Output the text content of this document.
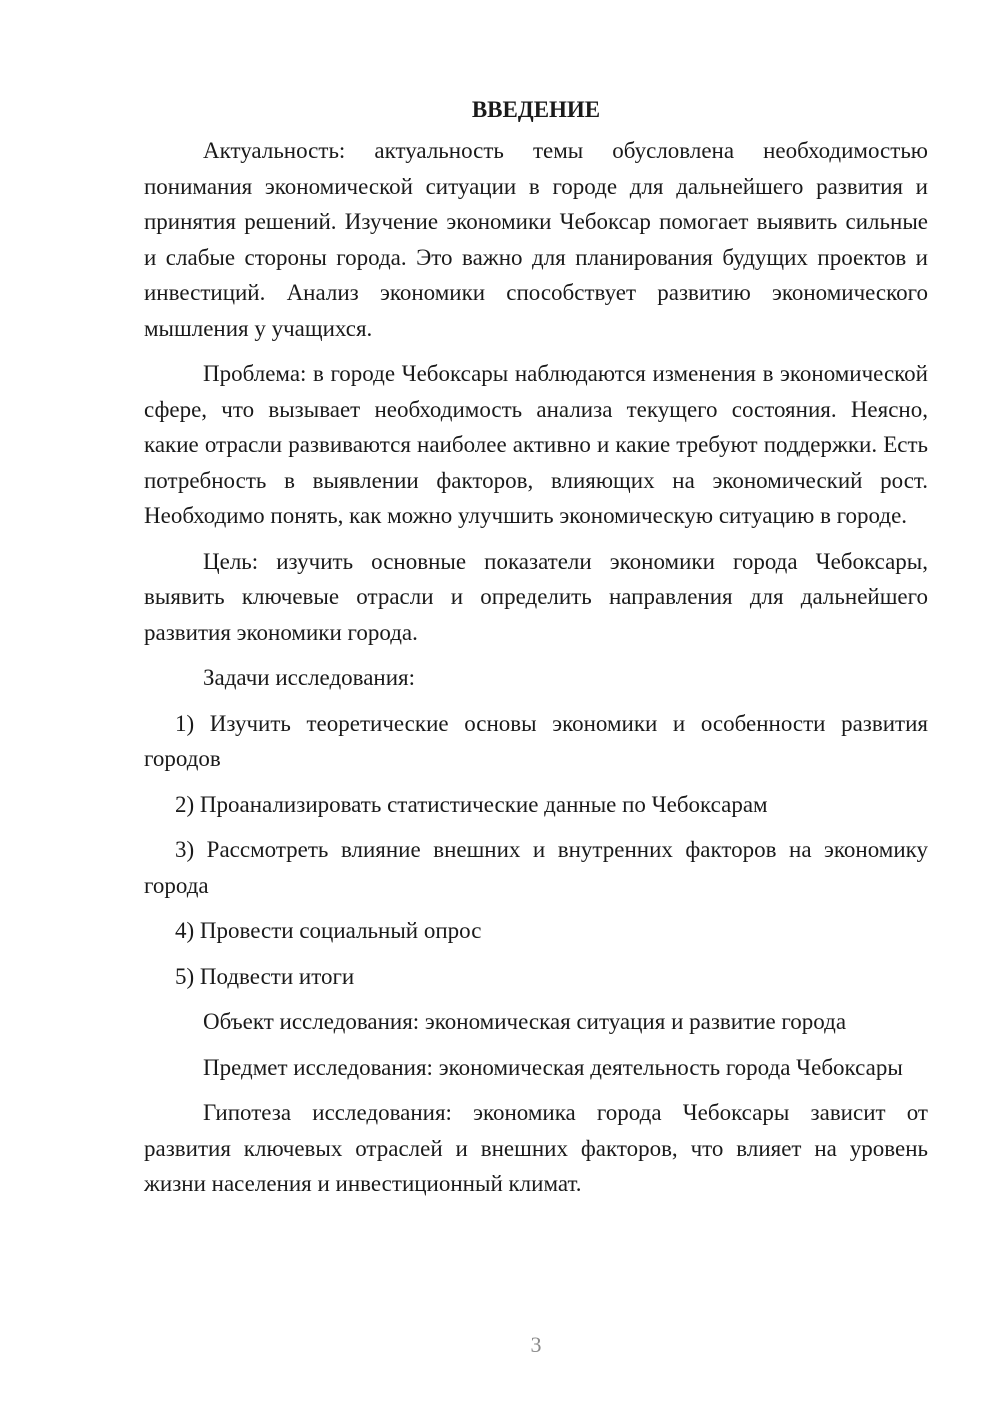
ВВЕДЕНИЕ

Актуальность: актуальность темы обусловлена необходимостью понимания экономической ситуации в городе для дальнейшего развития и принятия решений. Изучение экономики Чебоксар помогает выявить сильные и слабые стороны города. Это важно для планирования будущих проектов и инвестиций. Анализ экономики способствует развитию экономического мышления у учащихся.

Проблема: в городе Чебоксары наблюдаются изменения в экономической сфере, что вызывает необходимость анализа текущего состояния. Неясно, какие отрасли развиваются наиболее активно и какие требуют поддержки. Есть потребность в выявлении факторов, влияющих на экономический рост. Необходимо понять, как можно улучшить экономическую ситуацию в городе.

Цель: изучить основные показатели экономики города Чебоксары, выявить ключевые отрасли и определить направления для дальнейшего развития экономики города.

Задачи исследования:

1) Изучить теоретические основы экономики и особенности развития городов

2) Проанализировать статистические данные по Чебоксарам

3) Рассмотреть влияние внешних и внутренних факторов на экономику города

4) Провести социальный опрос

5) Подвести итоги

Объект исследования: экономическая ситуация и развитие города

Предмет исследования: экономическая деятельность города Чебоксары

Гипотеза исследования: экономика города Чебоксары зависит от развития ключевых отраслей и внешних факторов, что влияет на уровень жизни населения и инвестиционный климат.

3
